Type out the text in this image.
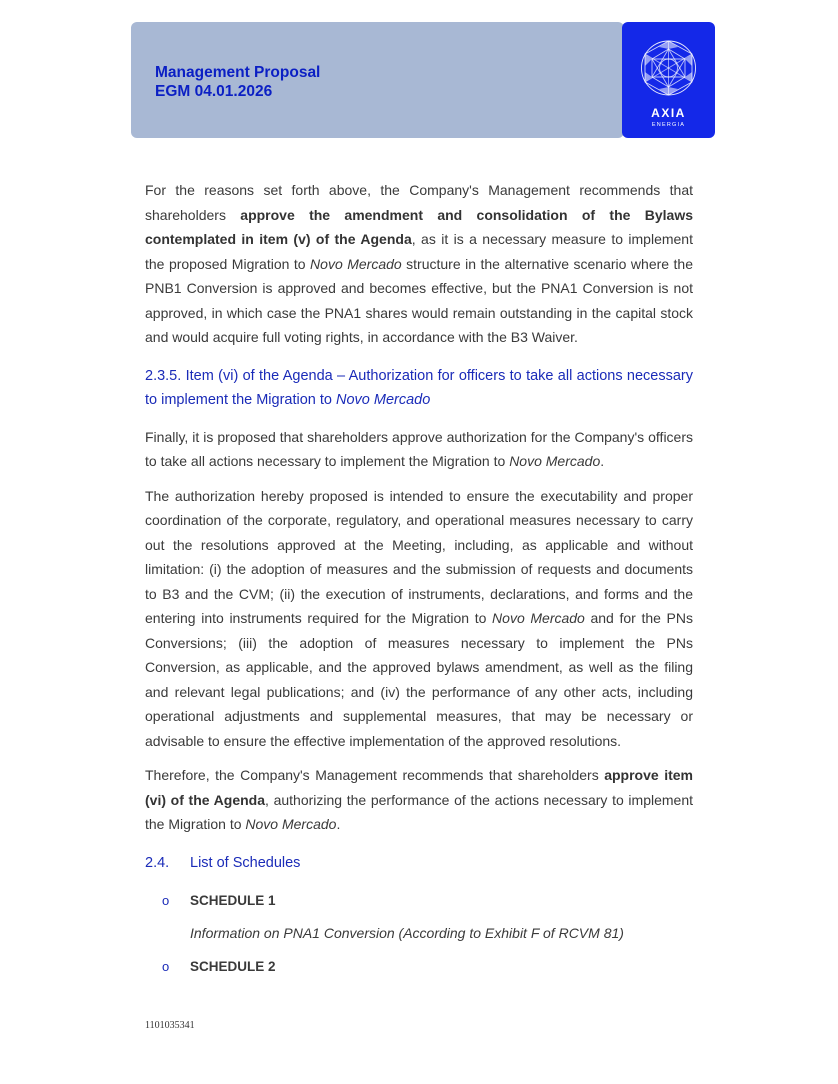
Management Proposal
EGM 04.01.2026
AXIA
ENERGIA

For the reasons set forth above, the Company's Management recommends that shareholders approve the amendment and consolidation of the Bylaws contemplated in item (v) of the Agenda, as it is a necessary measure to implement the proposed Migration to Novo Mercado structure in the alternative scenario where the PNB1 Conversion is approved and becomes effective, but the PNA1 Conversion is not approved, in which case the PNA1 shares would remain outstanding in the capital stock and would acquire full voting rights, in accordance with the B3 Waiver.

2.3.5. Item (vi) of the Agenda – Authorization for officers to take all actions necessary to implement the Migration to Novo Mercado

Finally, it is proposed that shareholders approve authorization for the Company's officers to take all actions necessary to implement the Migration to Novo Mercado.

The authorization hereby proposed is intended to ensure the executability and proper coordination of the corporate, regulatory, and operational measures necessary to carry out the resolutions approved at the Meeting, including, as applicable and without limitation: (i) the adoption of measures and the submission of requests and documents to B3 and the CVM; (ii) the execution of instruments, declarations, and forms and the entering into instruments required for the Migration to Novo Mercado and for the PNs Conversions; (iii) the adoption of measures necessary to implement the PNs Conversion, as applicable, and the approved bylaws amendment, as well as the filing and relevant legal publications; and (iv) the performance of any other acts, including operational adjustments and supplemental measures, that may be necessary or advisable to ensure the effective implementation of the approved resolutions.

Therefore, the Company's Management recommends that shareholders approve item (vi) of the Agenda, authorizing the performance of the actions necessary to implement the Migration to Novo Mercado.

2.4. List of Schedules
o SCHEDULE 1
Information on PNA1 Conversion (According to Exhibit F of RCVM 81)
o SCHEDULE 2
1101035341
